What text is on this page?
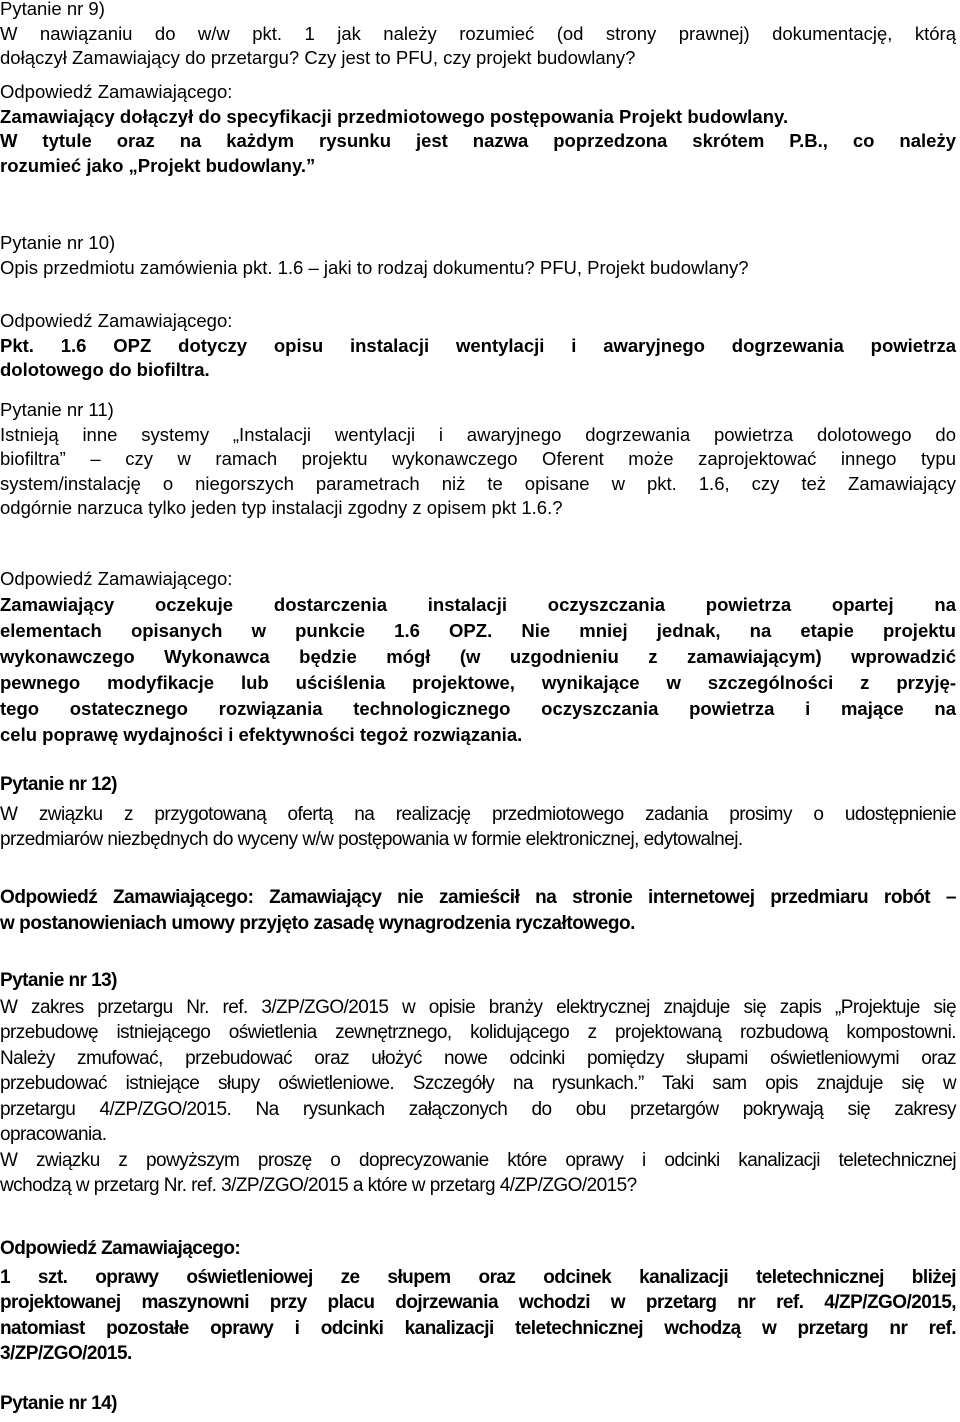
Pytanie nr 9)
W nawiązaniu do w/w pkt. 1 jak należy rozumieć (od strony prawnej) dokumentację, którą
dołączył Zamawiający do przetargu? Czy jest to PFU, czy projekt budowlany?
Odpowiedź Zamawiającego:
Zamawiający dołączył do specyfikacji przedmiotowego postępowania Projekt budowlany.
W tytule oraz na każdym rysunku jest nazwa poprzedzona skrótem P.B., co należy
rozumieć jako „Projekt budowlany.”
Pytanie nr 10)
Opis przedmiotu zamówienia pkt. 1.6 – jaki to rodzaj dokumentu? PFU, Projekt budowlany?
Odpowiedź Zamawiającego:
Pkt. 1.6 OPZ dotyczy opisu instalacji wentylacji i awaryjnego dogrzewania powietrza
dolotowego do biofiltra.
Pytanie nr 11)
Istnieją inne systemy „Instalacji wentylacji i awaryjnego dogrzewania powietrza dolotowego do
biofiltra” – czy w ramach projektu wykonawczego Oferent może zaprojektować innego typu
system/instalację o niegorszych parametrach niż te opisane w pkt. 1.6, czy też Zamawiający
odgórnie narzuca tylko jeden typ instalacji zgodny z opisem pkt 1.6.?
Odpowiedź Zamawiającego:
Zamawiający oczekuje dostarczenia instalacji oczyszczania powietrza opartej na
elementach opisanych w punkcie 1.6 OPZ. Nie mniej jednak, na etapie projektu
wykonawczego Wykonawca będzie mógł (w uzgodnieniu z zamawiającym) wprowadzić
pewnego modyfikacje lub uściślenia projektowe, wynikające w szczególności z przyję-
tego ostatecznego rozwiązania technologicznego oczyszczania powietrza i mające na
celu poprawę wydajności i efektywności tegoż rozwiązania.
Pytanie nr 12)
W związku z przygotowaną ofertą na realizację przedmiotowego zadania prosimy o udostępnienie
przedmiarów niezbędnych do wyceny w/w postępowania w formie elektronicznej, edytowalnej.
Odpowiedź Zamawiającego: Zamawiający nie zamieścił na stronie internetowej przedmiaru robót –
w postanowieniach umowy przyjęto zasadę wynagrodzenia ryczałtowego.
Pytanie nr 13)
W zakres przetargu Nr. ref. 3/ZP/ZGO/2015 w opisie branży elektrycznej znajduje się zapis „Projektuje się
przebudowę istniejącego oświetlenia zewnętrznego, kolidującego z projektowaną rozbudową kompostowni.
Należy zmufować, przebudować oraz ułożyć nowe odcinki pomiędzy słupami oświetleniowymi oraz
przebudować istniejące słupy oświetleniowe. Szczegóły na rysunkach.” Taki sam opis znajduje się w
przetargu 4/ZP/ZGO/2015. Na rysunkach załączonych do obu przetargów pokrywają się zakresy
opracowania.
W związku z powyższym proszę o doprecyzowanie które oprawy i odcinki kanalizacji teletechnicznej
wchodzą w przetarg Nr. ref. 3/ZP/ZGO/2015 a które w przetarg 4/ZP/ZGO/2015?
Odpowiedź Zamawiającego:
1 szt. oprawy oświetleniowej ze słupem oraz odcinek kanalizacji teletechnicznej bliżej
projektowanej maszynowni przy placu dojrzewania wchodzi w przetarg nr ref. 4/ZP/ZGO/2015,
natomiast pozostałe oprawy i odcinki kanalizacji teletechnicznej wchodzą w przetarg nr ref.
3/ZP/ZGO/2015.
Pytanie nr 14)
